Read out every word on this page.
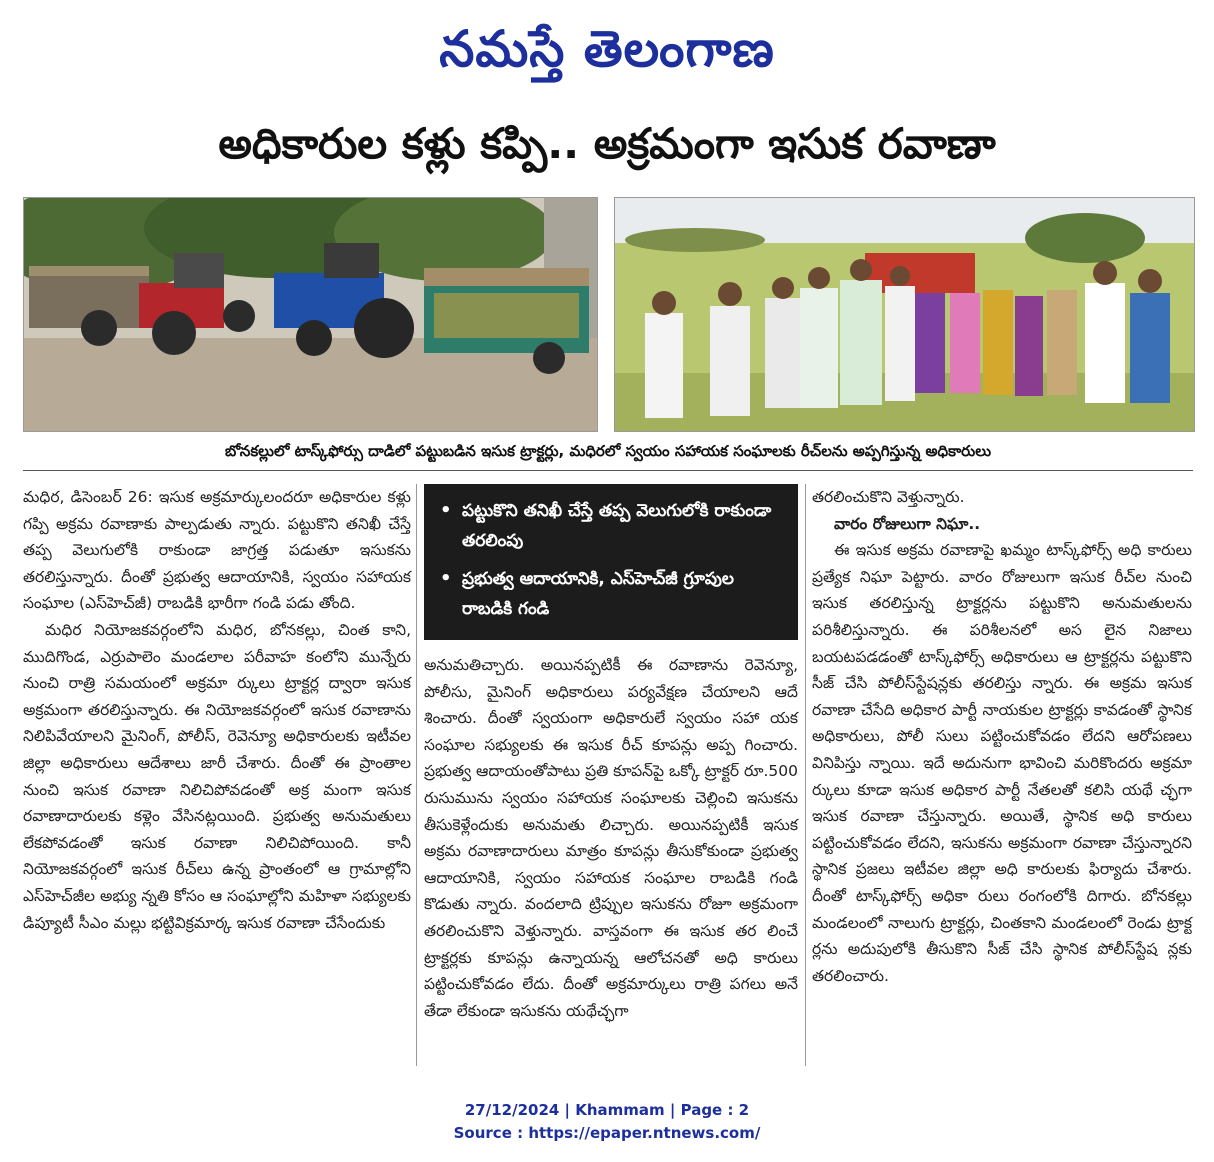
నమస్తే తెలంగాణ
అధికారుల కళ్లు కప్పి.. అక్రమంగా ఇసుక రవాణా
బోనకల్లులో టాస్క్‌ఫోర్సు దాడిలో పట్టుబడిన ఇసుక ట్రాక్టర్లు, మధిరలో స్వయం సహాయక సంఘాలకు రీచ్‌లను అప్పగిస్తున్న అధికారులు

మధిర, డిసెంబర్ 26: ఇసుక అక్రమార్కులందరూ అధికారుల కళ్లు గప్పి అక్రమ రవాణాకు పాల్పడుతు న్నారు. పట్టుకొని తనిఖీ చేస్తే తప్ప వెలుగులోకి రాకుండా జాగ్రత్త పడుతూ ఇసుకను తరలిస్తున్నారు. దీంతో ప్రభుత్వ ఆదాయానికి, స్వయం సహాయక సంఘాల (ఎస్‌హెచ్‌జీ) రాబడికి భారీగా గండి పడు తోంది.

మధిర నియోజకవర్గంలోని మధిర, బోనకల్లు, చింత కాని, ముదిగొండ, ఎర్రుపాలెం మండలాల పరీవాహ కంలోని మున్నేరు నుంచి రాత్రి సమయంలో అక్రమా ర్కులు ట్రాక్టర్ల ద్వారా ఇసుక అక్రమంగా తరలిస్తున్నారు. ఈ నియోజకవర్గంలో ఇసుక రవాణాను నిలిపివేయాలని మైనింగ్, పోలీస్, రెవెన్యూ అధికారులకు ఇటీవల జిల్లా అధికారులు ఆదేశాలు జారీ చేశారు. దీంతో ఈ ప్రాంతాల నుంచి ఇసుక రవాణా నిలిచిపోవడంతో అక్ర మంగా ఇసుక రవాణాదారులకు కళ్లెం వేసినట్లయింది. ప్రభుత్వ అనుమతులు లేకపోవడంతో ఇసుక రవాణా నిలిచిపోయింది. కానీ నియోజకవర్గంలో ఇసుక రీచ్‌లు ఉన్న ప్రాంతంలో ఆ గ్రామాల్లోని ఎస్‌హెచ్‌జీల అభ్యు న్నతి కోసం ఆ సంఘాల్లోని మహిళా సభ్యులకు డిప్యూటీ సీఎం మల్లు భట్టివిక్రమార్క ఇసుక రవాణా చేసేందుకు

• పట్టుకొని తనిఖీ చేస్తే తప్ప వెలుగులోకి రాకుండా తరలింపు
• ప్రభుత్వ ఆదాయానికి, ఎస్‌హెచ్‌జీ గ్రూపుల రాబడికి గండి

అనుమతిచ్చారు. అయినప్పటికీ ఈ రవాణాను రెవెన్యూ, పోలీసు, మైనింగ్ అధికారులు పర్యవేక్షణ చేయాలని ఆదే శించారు. దీంతో స్వయంగా అధికారులే స్వయం సహా యక సంఘాల సభ్యులకు ఈ ఇసుక రీచ్ కూపన్లు అప్ప గించారు. ప్రభుత్వ ఆదాయంతోపాటు ప్రతి కూపన్‌పై ఒక్కో ట్రాక్టర్ రూ.500 రుసుమును స్వయం సహాయక సంఘాలకు చెల్లించి ఇసుకను తీసుకెళ్లేందుకు అనుమతు లిచ్చారు. అయినప్పటికీ ఇసుక అక్రమ రవాణాదారులు మాత్రం కూపన్లు తీసుకోకుండా ప్రభుత్వ ఆదాయానికి, స్వయం సహాయక సంఘాల రాబడికి గండి కొడుతు న్నారు. వందలాది ట్రిప్పుల ఇసుకను రోజూ అక్రమంగా తరలించుకొని వెళ్తున్నారు. వాస్తవంగా ఈ ఇసుక తర లించే ట్రాక్టర్లకు కూపన్లు ఉన్నాయన్న ఆలోచనతో అధి కారులు పట్టించుకోవడం లేదు. దీంతో అక్రమార్కులు రాత్రి పగలు అనే తేడా లేకుండా ఇసుకను యథేచ్ఛగా

తరలించుకొని వెళ్తున్నారు.

వారం రోజులుగా నిఘా..

ఈ ఇసుక అక్రమ రవాణాపై ఖమ్మం టాస్క్‌ఫోర్స్ అధి కారులు ప్రత్యేక నిఘా పెట్టారు. వారం రోజులుగా ఇసుక రీచ్‌ల నుంచి ఇసుక తరలిస్తున్న ట్రాక్టర్లను పట్టుకొని అనుమతులను పరిశీలిస్తున్నారు. ఈ పరిశీలనలో అస లైన నిజాలు బయటపడడంతో టాస్క్‌ఫోర్స్ అధికారులు ఆ ట్రాక్టర్లను పట్టుకొని సీజ్ చేసి పోలీస్‌స్టేషన్లకు తరలిస్తు న్నారు. ఈ అక్రమ ఇసుక రవాణా చేసేది అధికార పార్టీ నాయకుల ట్రాక్టర్లు కావడంతో స్థానిక అధికారులు, పోలీ సులు పట్టించుకోవడం లేదని ఆరోపణలు వినిపిస్తు న్నాయి. ఇదే అదునుగా భావించి మరికొందరు అక్రమా ర్కులు కూడా ఇసుక అధికార పార్టీ నేతలతో కలిసి యథే చ్ఛగా ఇసుక రవాణా చేస్తున్నారు. అయితే, స్థానిక అధి కారులు పట్టించుకోవడం లేదని, ఇసుకను అక్రమంగా రవాణా చేస్తున్నారని స్థానిక ప్రజలు ఇటీవల జిల్లా అధి కారులకు ఫిర్యాదు చేశారు. దీంతో టాస్క్‌ఫోర్స్ అధికా రులు రంగంలోకి దిగారు. బోనకల్లు మండలంలో నాలుగు ట్రాక్టర్లు, చింతకాని మండలంలో రెండు ట్రాక్ట ర్లను అదుపులోకి తీసుకొని సీజ్ చేసి స్థానిక పోలీస్‌స్టేష న్లకు తరలించారు.

27/12/2024 | Khammam | Page : 2
Source : https://epaper.ntnews.com/
